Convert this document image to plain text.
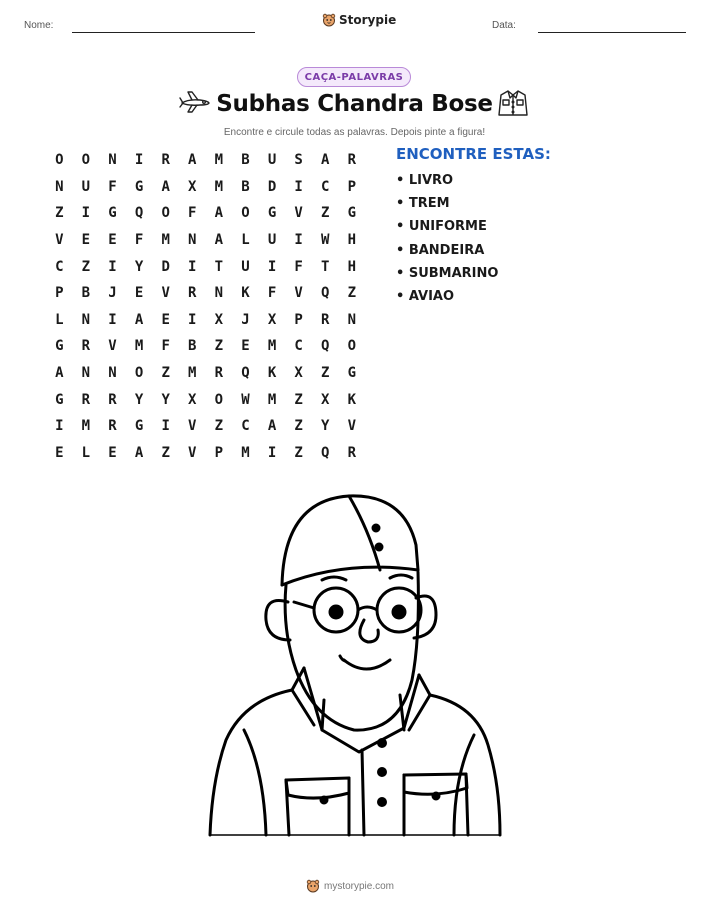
Nome:	Storypie	Data:
CAÇA-PALAVRAS
Subhas Chandra Bose
Encontre e circule todas as palavras. Depois pinte a figura!
O	O	N	I	R	A	M	B	U	S	A	R
N	U	F	G	A	X	M	B	D	I	C	P
Z	I	G	Q	O	F	A	O	G	V	Z	G
V	E	E	F	M	N	A	L	U	I	W	H
C	Z	I	Y	D	I	T	U	I	F	T	H
P	B	J	E	V	R	N	K	F	V	Q	Z
L	N	I	A	E	I	X	J	X	P	R	N
G	R	V	M	F	B	Z	E	M	C	Q	O
A	N	N	O	Z	M	R	Q	K	X	Z	G
G	R	R	Y	Y	X	O	W	M	Z	X	K
I	M	R	G	I	V	Z	C	A	Z	Y	V
E	L	E	A	Z	V	P	M	I	Z	Q	R
ENCONTRE ESTAS:
• LIVRO
• TREM
• UNIFORME
• BANDEIRA
• SUBMARINO
• AVIAO
mystorypie.com
